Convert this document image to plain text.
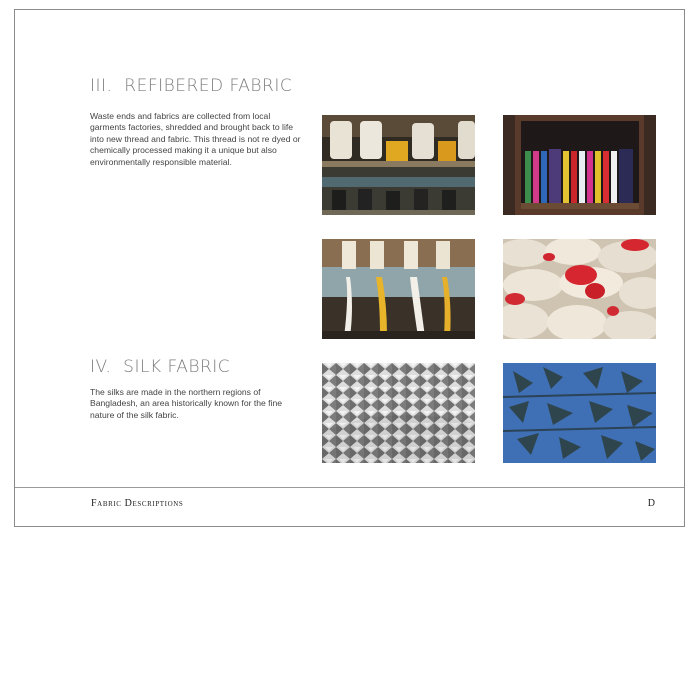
III. REFIBERED FABRIC

Waste ends and fabrics are collected from local garments factories, shredded and brought back to life into new thread and fabric. This thread is not re dyed or chemically processed making it a unique but also environmentally responsible material.

IV. SILK FABRIC

The silks are made in the northern regions of Bangladesh, an area historically known for the fine nature of the silk fabric.

Fabric Descriptions	D
